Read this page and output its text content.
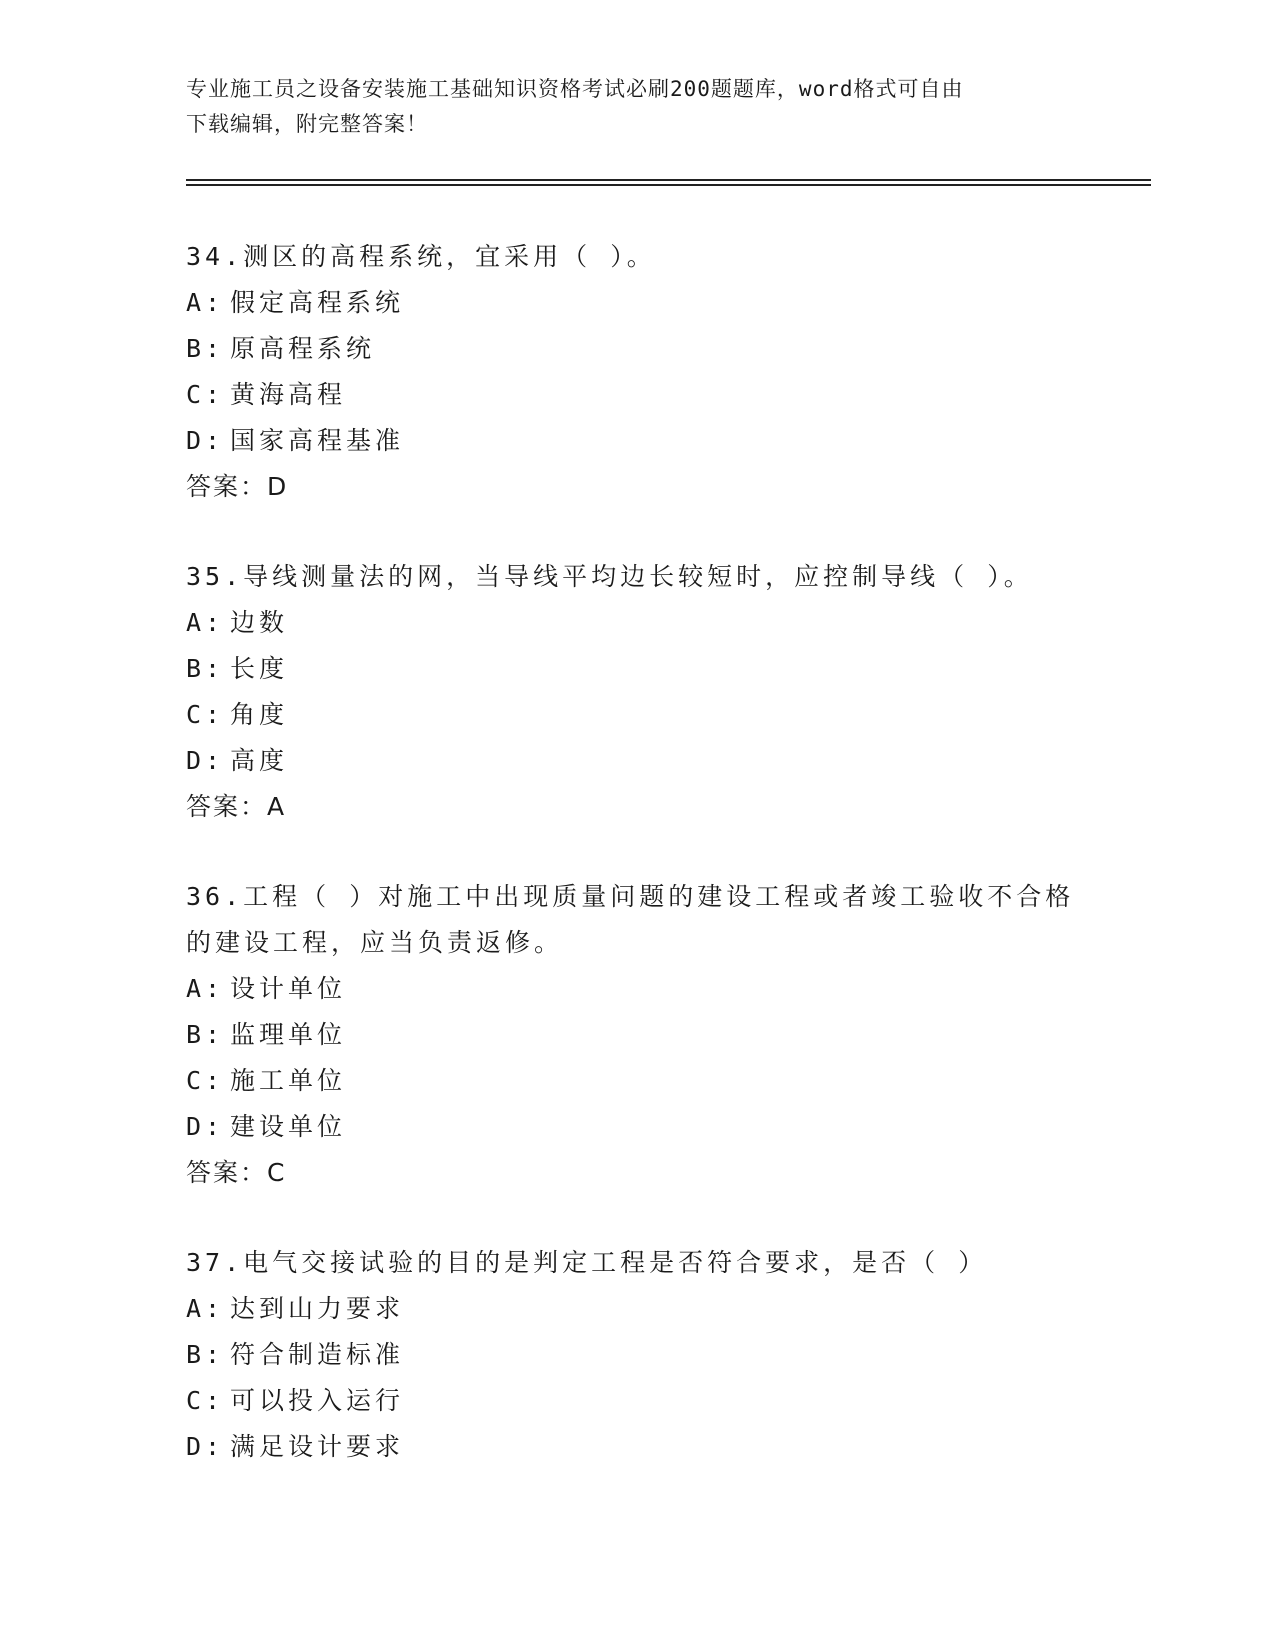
专业施工员之设备安装施工基础知识资格考试必刷200题题库，word格式可自由
下载编辑，附完整答案！

34.测区的高程系统，宜采用（ ）。

A: 假定高程系统
B: 原高程系统
C: 黄海高程
D: 国家高程基准
答案：D

35.导线测量法的网，当导线平均边长较短时，应控制导线（ ）。

A: 边数
B: 长度
C: 角度
D: 高度
答案：A

36.工程（ ）对施工中出现质量问题的建设工程或者竣工验收不合格的建设工程，应当负责返修。

A: 设计单位
B: 监理单位
C: 施工单位
D: 建设单位
答案：C

37.电气交接试验的目的是判定工程是否符合要求，是否（ ）

A: 达到山力要求
B: 符合制造标准
C: 可以投入运行
D: 满足设计要求
